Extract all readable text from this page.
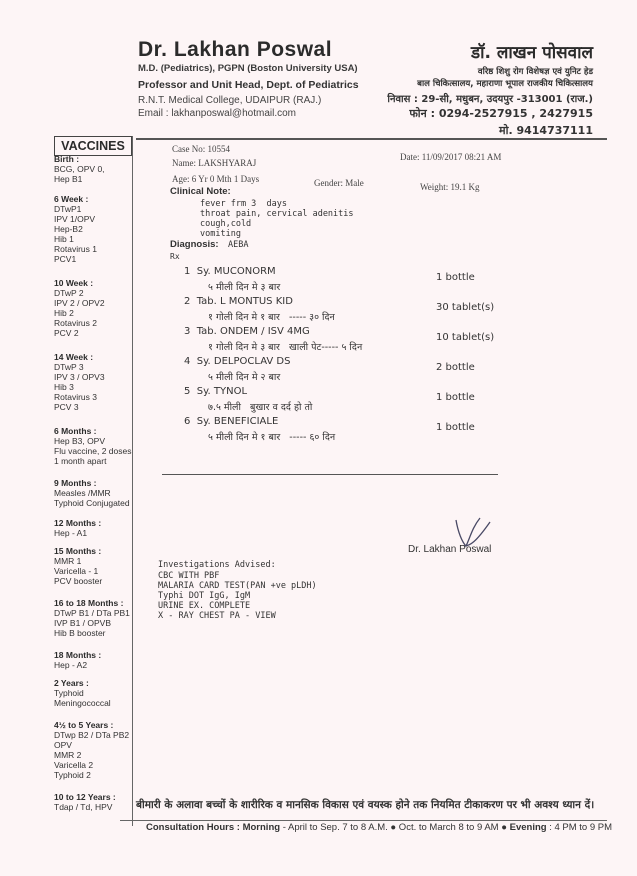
Dr. Lakhan Poswal
M.D. (Pediatrics), PGPN (Boston University USA)
Professor and Unit Head, Dept. of Pediatrics
R.N.T. Medical College, UDAIPUR (RAJ.)
Email : lakhanposwal@hotmail.com
डॉ. लाखन पोसवाल
वरिष्ठ शिशु रोग विशेषज्ञ एवं युनिट हेड
बाल चिकित्सालय, महाराणा भूपाल राजकीय चिकित्सालय
निवास : 29-सी, मधुबन, उदयपुर -313001 (राज.)
फोन : 0294-2527915 , 2427915
मो. 9414737111
VACCINES
Birth :
BCG, OPV 0,
Hep B1
6 Week :
DTwP1
IPV 1/OPV
Hep-B2
Hib 1
Rotavirus 1
PCV1
10 Week :
DTwP 2
IPV 2 / OPV2
Hib 2
Rotavirus 2
PCV 2
14 Week :
DTwP 3
IPV 3 / OPV3
Hib 3
Rotavirus 3
PCV 3
6 Months :
Hep B3, OPV
Flu vaccine, 2 doses
1 month apart
9 Months :
Measles /MMR
Typhoid Conjugated
12 Months :
Hep - A1
15 Months :
MMR 1
Varicella - 1
PCV booster
16 to 18 Months :
DTwP B1 / DTa PB1
IVP B1 / OPVB
Hib B booster
18 Months :
Hep - A2
2 Years :
Typhoid
Meningococcal
4½ to 5 Years :
DTwp B2 / DTa PB2
OPV
MMR 2
Varicella 2
Typhoid 2
10 to 12 Years :
Tdap / Td, HPV
Case No: 10554
Date: 11/09/2017 08:21 AM
Name: LAKSHYARAJ
Age: 6 Yr 0 Mth 1 Days	Gender: Male	Weight: 19.1 Kg
Clinical Note:
fever frm 3  days
throat pain, cervical adenitis
cough,cold
vomiting
Diagnosis: AEBA
Rx
1  Sy. MUCONORM
५ मीली दिन मे ३ बार
1 bottle
2  Tab. L MONTUS KID
१ गोली दिन मे १ बार   ----- ३० दिन
30 tablet(s)
3  Tab. ONDEM / ISV 4MG
१ गोली दिन मे ३ बार   खाली पेट----- ५ दिन
10 tablet(s)
4  Sy. DELPOCLAV DS
५ मीली दिन मे २ बार
2 bottle
5  Sy. TYNOL
७.५ मीली   बुखार व दर्द हो तो
1 bottle
6  Sy. BENEFICIALE
५ मीली दिन मे १ बार   ----- ६० दिन
1 bottle
Dr. Lakhan Poswal
Investigations Advised:
CBC WITH PBF
MALARIA CARD TEST(PAN +ve pLDH)
Typhi DOT IgG, IgM
URINE EX. COMPLETE
X - RAY CHEST PA - VIEW
बीमारी के अलावा बच्चों के शारीरिक व मानसिक विकास एवं वयस्क होने तक नियमित टीकाकरण पर भी अवश्य ध्यान दें।
Consultation Hours : Morning - April to Sep. 7 to 8 A.M. ● Oct. to March 8 to 9 AM ● Evening : 4 PM to 9 PM
